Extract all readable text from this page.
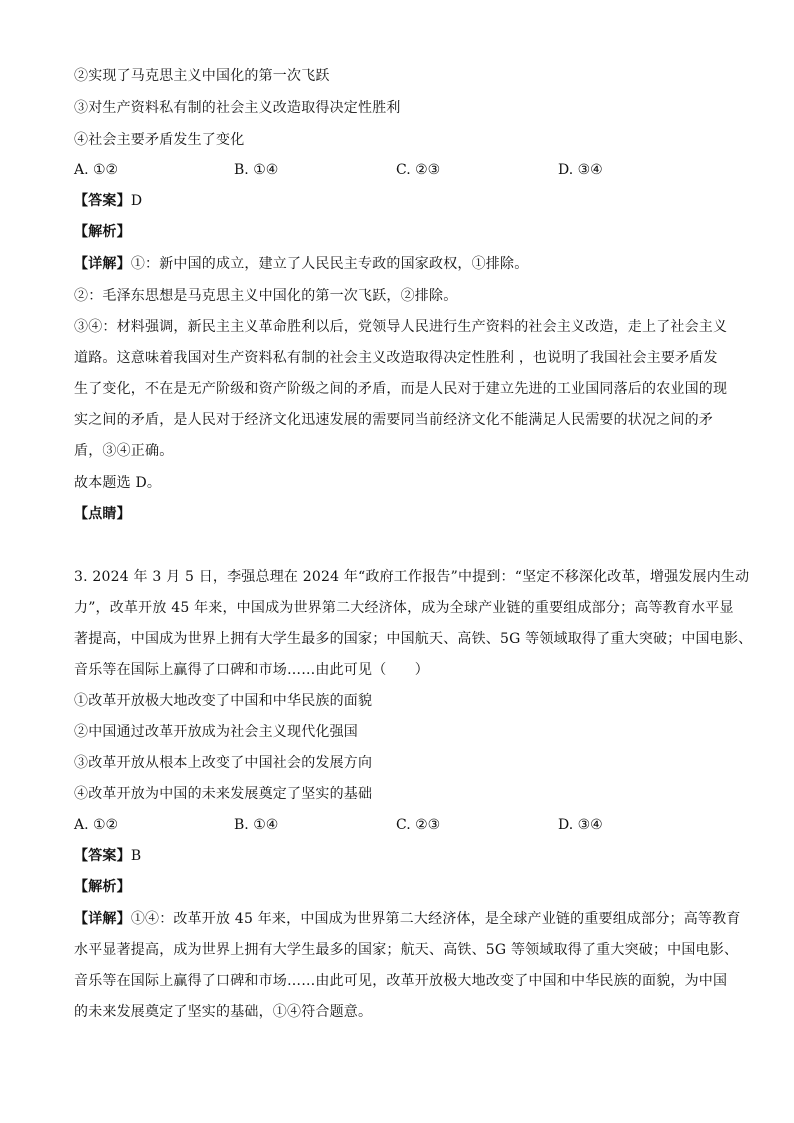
②实现了马克思主义中国化的第一次飞跃
③对生产资料私有制的社会主义改造取得决定性胜利
④社会主要矛盾发生了变化
A. ①②	B. ①④	C. ②③	D. ③④
【答案】D
【解析】
【详解】①：新中国的成立，建立了人民民主专政的国家政权，①排除。
②：毛泽东思想是马克思主义中国化的第一次飞跃，②排除。
③④：材料强调，新民主主义革命胜利以后，党领导人民进行生产资料的社会主义改造，走上了社会主义
道路。这意味着我国对生产资料私有制的社会主义改造取得决定性胜利 ，也说明了我国社会主要矛盾发
生了变化，不在是无产阶级和资产阶级之间的矛盾，而是人民对于建立先进的工业国同落后的农业国的现
实之间的矛盾，是人民对于经济文化迅速发展的需要同当前经济文化不能满足人民需要的状况之间的矛
盾，③④正确。
故本题选 D。
【点睛】
3. 2024 年 3 月 5 日，李强总理在 2024 年“政府工作报告”中提到：“坚定不移深化改革，增强发展内生动
力”，改革开放 45 年来，中国成为世界第二大经济体，成为全球产业链的重要组成部分；高等教育水平显
著提高，中国成为世界上拥有大学生最多的国家；中国航天、高铁、5G 等领域取得了重大突破；中国电影、
音乐等在国际上赢得了口碑和市场……由此可见（　　）
①改革开放极大地改变了中国和中华民族的面貌
②中国通过改革开放成为社会主义现代化强国
③改革开放从根本上改变了中国社会的发展方向
④改革开放为中国的未来发展奠定了坚实的基础
A. ①②	B. ①④	C. ②③	D. ③④
【答案】B
【解析】
【详解】①④：改革开放 45 年来，中国成为世界第二大经济体，是全球产业链的重要组成部分；高等教育
水平显著提高，成为世界上拥有大学生最多的国家；航天、高铁、5G 等领域取得了重大突破；中国电影、
音乐等在国际上赢得了口碑和市场……由此可见，改革开放极大地改变了中国和中华民族的面貌，为中国
的未来发展奠定了坚实的基础，①④符合题意。
